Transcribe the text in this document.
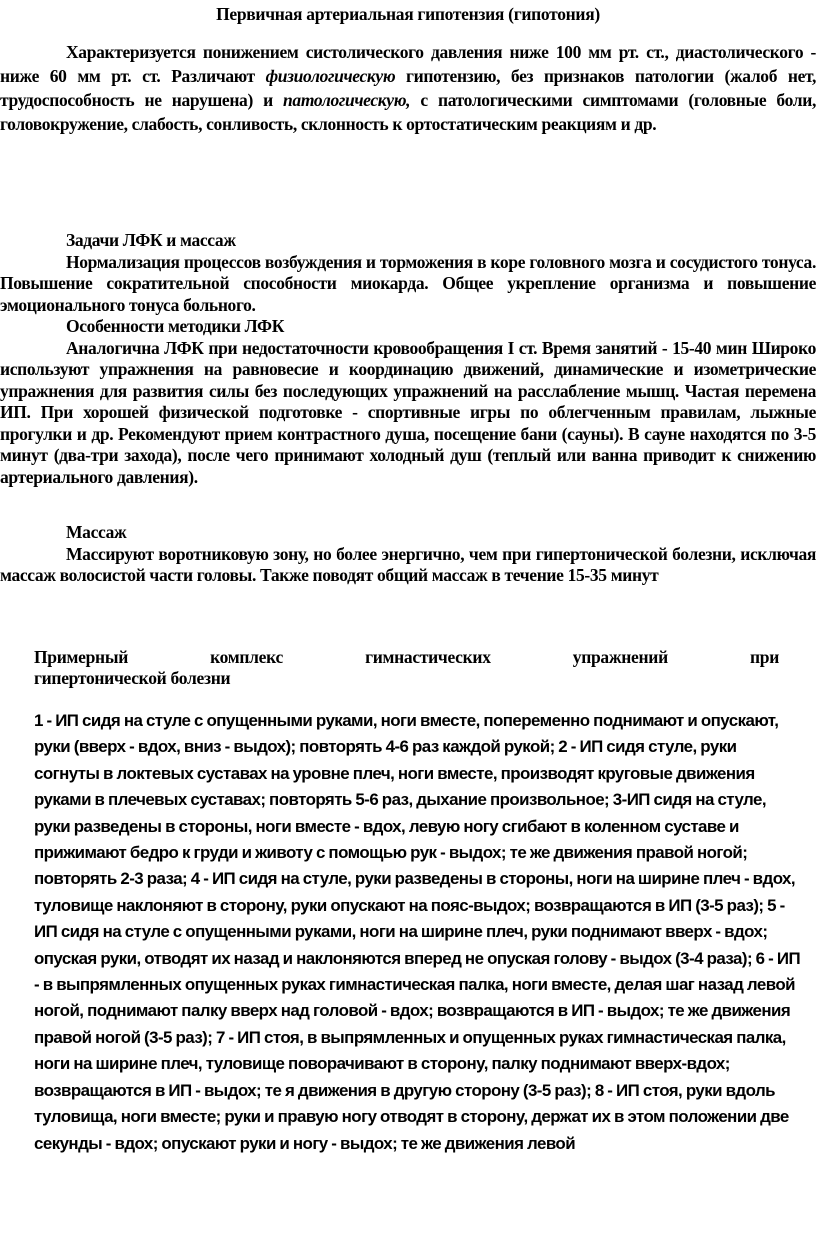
Первичная артериальная гипотензия (гипотония)

Характеризуется понижением систолического давления ниже 100 мм рт. ст., диастолического - ниже 60 мм рт. ст. Различают физиологическую гипотензию, без признаков патологии (жалоб нет, трудоспособность не нарушена) и патологическую, с патологическими симптомами (головные боли, головокружение, слабость, сонливость, склонность к ортостатическим реакциям и др.

Задачи ЛФК и массаж

Нормализация процессов возбуждения и торможения в коре головного мозга и сосудистого тонуса. Повышение сократительной способности миокарда. Общее укрепление организма и повышение эмоционального тонуса больного.

Особенности методики ЛФК

Аналогична ЛФК при недостаточности кровообращения I ст. Время занятий - 15-40 мин Широко используют упражнения на равновесие и координацию движений, динамические и изометрические упражнения для развития силы без последующих упражнений на расслабление мышц. Частая перемена ИП. При хорошей физической подготовке - спортивные игры по облегченным правилам, лыжные прогулки и др. Рекомендуют прием контрастного душа, посещение бани (сауны). В сауне находятся по 3-5 минут (два-три захода), после чего принимают холодный душ (теплый или ванна приводит к снижению артериального давления).

Массаж

Массируют воротниковую зону, но более энергично, чем при гипертонической болезни, исключая массаж волосистой части головы. Также поводят общий массаж в течение 15-35 минут

Примерный комплекс гимнастических упражнений при
гипертонической болезни

1 - ИП сидя на стуле с опущенными руками, ноги вместе, попеременно поднимают и опускают, руки (вверх - вдох, вниз - выдох); повторять 4-6 раз каждой рукой; 2 - ИП сидя стуле, руки согнуты в локтевых суставах на уровне плеч, ноги вместе, производят круговые движения руками в плечевых суставах; повторять 5-6 раз, дыхание произвольное; 3-ИП сидя на стуле, руки разведены в стороны, ноги вместе - вдох, левую ногу сгибают в коленном суставе и прижимают бедро к груди и животу с помощью рук - выдох; те же движения правой ногой; повторять 2-3 раза; 4 - ИП сидя на стуле, руки разведены в стороны, ноги на ширине плеч - вдох, туловище наклоняют в сторону, руки опускают на пояс-выдох; возвращаются в ИП (3-5 раз); 5 - ИП сидя на стуле с опущенными руками, ноги на ширине плеч, руки поднимают вверх - вдох; опуская руки, отводят их назад и наклоняются вперед не опуская голову - выдох (3-4 раза); 6 - ИП - в выпрямленных опущенных руках гимнастическая палка, ноги вместе, делая шаг назад левой ногой, поднимают палку вверх над головой - вдох; возвращаются в ИП - выдох; те же движения правой ногой (3-5 раз); 7 - ИП стоя, в выпрямленных и опущенных руках гимнастическая палка, ноги на ширине плеч, туловище поворачивают в сторону, палку поднимают вверх-вдох; возвращаются в ИП - выдох; те я движения в другую сторону (3-5 раз); 8 - ИП стоя, руки вдоль туловища, ноги вместе; руки и правую ногу отводят в сторону, держат их в этом положении две секунды - вдох; опускают руки и ногу - выдох; те же движения левой
